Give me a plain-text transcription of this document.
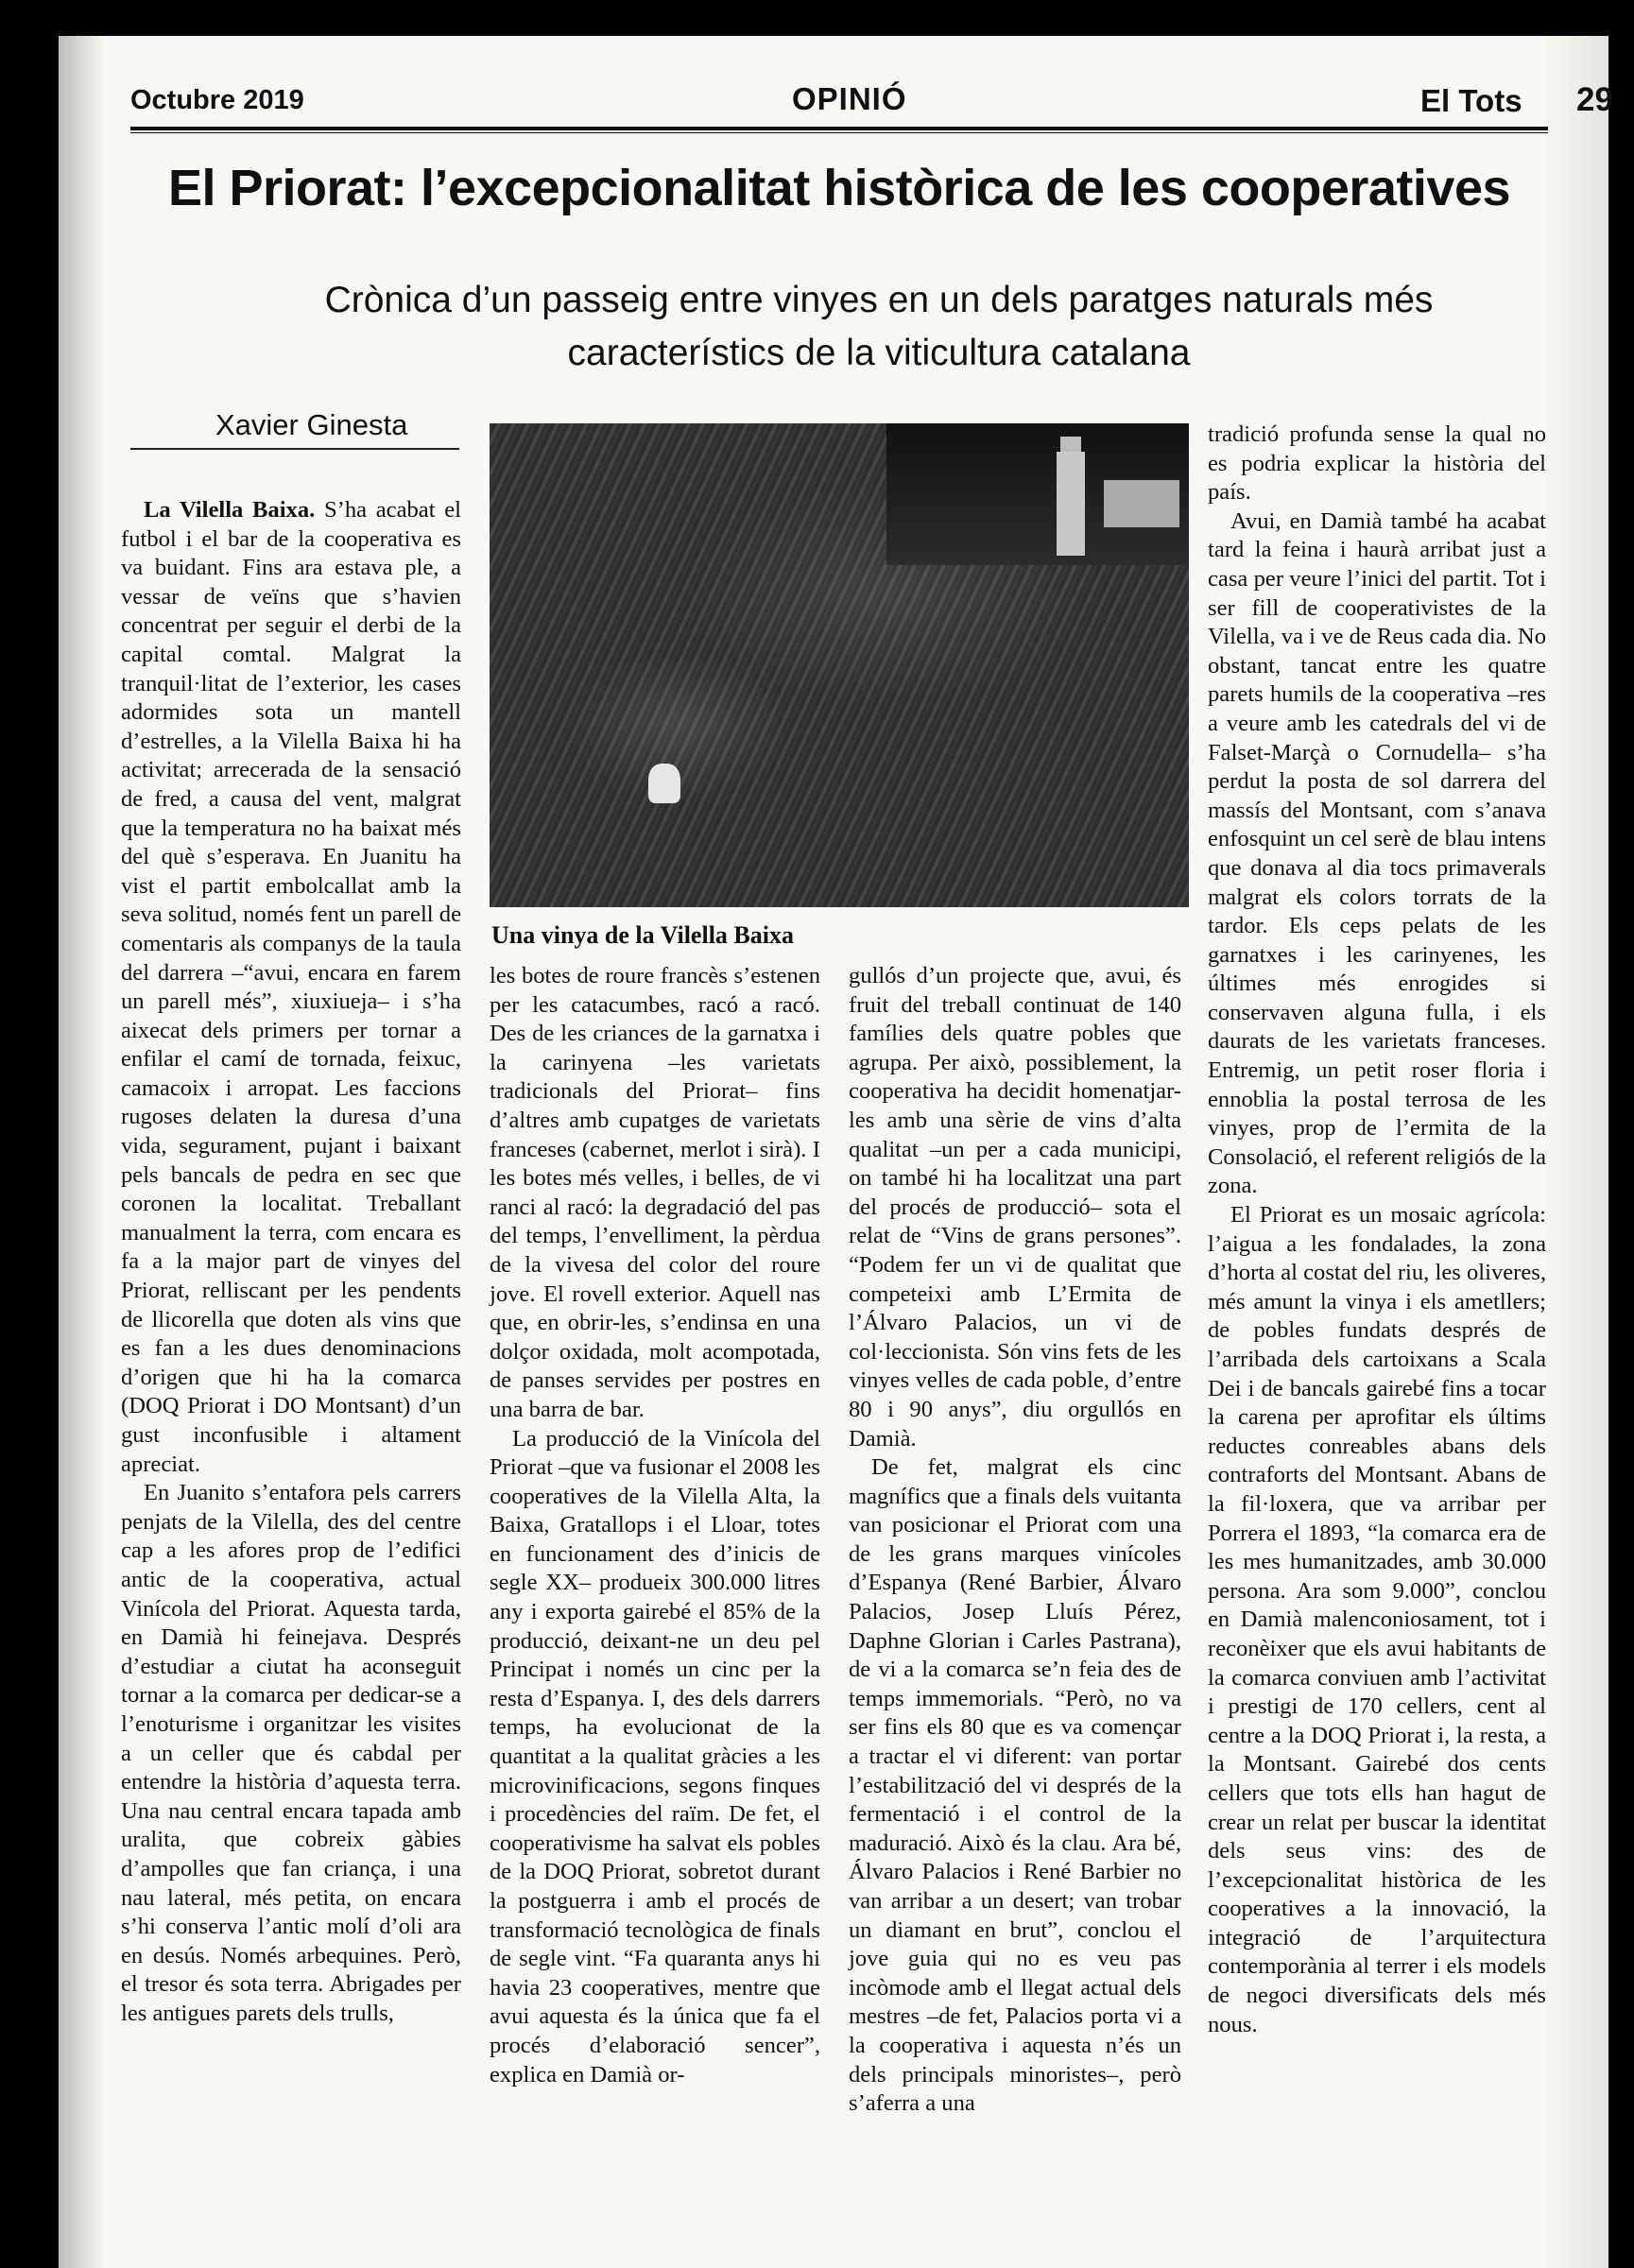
Octubre 2019	OPINIÓ	El Tots 29
El Priorat: l’excepcionalitat històrica de les cooperatives
Crònica d’un passeig entre vinyes en un dels paratges naturals més
característics de la viticultura catalana
Xavier Ginesta
Una vinya de la Vilella Baixa

La Vilella Baixa. S’ha acabat el futbol i el bar de la cooperativa es va buidant. Fins ara estava ple, a vessar de veïns que s’havien concentrat per seguir el derbi de la capital comtal. Malgrat la tranquil·litat de l’exterior, les cases adormides sota un mantell d’estrelles, a la Vilella Baixa hi ha activitat; arrecerada de la sensació de fred, a causa del vent, malgrat que la temperatura no ha baixat més del què s’esperava. En Juanitu ha vist el partit embolcallat amb la seva solitud, només fent un parell de comentaris als companys de la taula del darrera –“avui, encara en farem un parell més”, xiuxiueja– i s’ha aixecat dels primers per tornar a enfilar el camí de tornada, feixuc, camacoix i arropat. Les faccions rugoses delaten la duresa d’una vida, segurament, pujant i baixant pels bancals de pedra en sec que coronen la localitat. Treballant manualment la terra, com encara es fa a la major part de vinyes del Priorat, relliscant per les pendents de llicorella que doten als vins que es fan a les dues denominacions d’origen que hi ha la comarca (DOQ Priorat i DO Montsant) d’un gust inconfusible i altament apreciat.

En Juanito s’entafora pels carrers penjats de la Vilella, des del centre cap a les afores prop de l’edifici antic de la cooperativa, actual Vinícola del Priorat. Aquesta tarda, en Damià hi feinejava. Després d’estudiar a ciutat ha aconseguit tornar a la comarca per dedicar-se a l’enoturisme i organitzar les visites a un celler que és cabdal per entendre la història d’aquesta terra. Una nau central encara tapada amb uralita, que cobreix gàbies d’ampolles que fan criança, i una nau lateral, més petita, on encara s’hi conserva l’antic molí d’oli ara en desús. Només arbequines. Però, el tresor és sota terra. Abrigades per les antigues parets dels trulls,

les botes de roure francès s’estenen per les catacumbes, racó a racó. Des de les criances de la garnatxa i la carinyena –les varietats tradicionals del Priorat– fins d’altres amb cupatges de varietats franceses (cabernet, merlot i sirà). I les botes més velles, i belles, de vi ranci al racó: la degradació del pas del temps, l’envelliment, la pèrdua de la vivesa del color del roure jove. El rovell exterior. Aquell nas que, en obrir-les, s’endinsa en una dolçor oxidada, molt acompotada, de panses servides per postres en una barra de bar.

La producció de la Vinícola del Priorat –que va fusionar el 2008 les cooperatives de la Vilella Alta, la Baixa, Gratallops i el Lloar, totes en funcionament des d’inicis de segle XX– produeix 300.000 litres any i exporta gairebé el 85% de la producció, deixant-ne un deu pel Principat i només un cinc per la resta d’Espanya. I, des dels darrers temps, ha evolucionat de la quantitat a la qualitat gràcies a les microvinificacions, segons finques i procedències del raïm. De fet, el cooperativisme ha salvat els pobles de la DOQ Priorat, sobretot durant la postguerra i amb el procés de transformació tecnològica de finals de segle vint. “Fa quaranta anys hi havia 23 cooperatives, mentre que avui aquesta és la única que fa el procés d’elaboració sencer”, explica en Damià or-

gullós d’un projecte que, avui, és fruit del treball continuat de 140 famílies dels quatre pobles que agrupa. Per això, possiblement, la cooperativa ha decidit homenatjar-les amb una sèrie de vins d’alta qualitat –un per a cada municipi, on també hi ha localitzat una part del procés de producció– sota el relat de “Vins de grans persones”. “Podem fer un vi de qualitat que competeixi amb L’Ermita de l’Álvaro Palacios, un vi de col·leccionista. Són vins fets de les vinyes velles de cada poble, d’entre 80 i 90 anys”, diu orgullós en Damià.

De fet, malgrat els cinc magnífics que a finals dels vuitanta van posicionar el Priorat com una de les grans marques vinícoles d’Espanya (René Barbier, Álvaro Palacios, Josep Lluís Pérez, Daphne Glorian i Carles Pastrana), de vi a la comarca se’n feia des de temps immemorials. “Però, no va ser fins els 80 que es va començar a tractar el vi diferent: van portar l’estabilització del vi després de la fermentació i el control de la maduració. Això és la clau. Ara bé, Álvaro Palacios i René Barbier no van arribar a un desert; van trobar un diamant en brut”, conclou el jove guia qui no es veu pas incòmode amb el llegat actual dels mestres –de fet, Palacios porta vi a la cooperativa i aquesta n’és un dels principals minoristes–, però s’aferra a una

tradició profunda sense la qual no es podria explicar la història del país.

Avui, en Damià també ha acabat tard la feina i haurà arribat just a casa per veure l’inici del partit. Tot i ser fill de cooperativistes de la Vilella, va i ve de Reus cada dia. No obstant, tancat entre les quatre parets humils de la cooperativa –res a veure amb les catedrals del vi de Falset-Marçà o Cornudella– s’ha perdut la posta de sol darrera del massís del Montsant, com s’anava enfosquint un cel serè de blau intens que donava al dia tocs primaverals malgrat els colors torrats de la tardor. Els ceps pelats de les garnatxes i les carinyenes, les últimes més enrogides si conservaven alguna fulla, i els daurats de les varietats franceses. Entremig, un petit roser floria i ennoblia la postal terrosa de les vinyes, prop de l’ermita de la Consolació, el referent religiós de la zona.

El Priorat es un mosaic agrícola: l’aigua a les fondalades, la zona d’horta al costat del riu, les oliveres, més amunt la vinya i els ametllers; de pobles fundats després de l’arribada dels cartoixans a Scala Dei i de bancals gairebé fins a tocar la carena per aprofitar els últims reductes conreables abans dels contraforts del Montsant. Abans de la fil·loxera, que va arribar per Porrera el 1893, “la comarca era de les mes humanitzades, amb 30.000 persona. Ara som 9.000”, conclou en Damià malenconiosament, tot i reconèixer que els avui habitants de la comarca conviuen amb l’activitat i prestigi de 170 cellers, cent al centre a la DOQ Priorat i, la resta, a la Montsant. Gairebé dos cents cellers que tots ells han hagut de crear un relat per buscar la identitat dels seus vins: des de l’excepcionalitat històrica de les cooperatives a la innovació, la integració de l’arquitectura contemporània al terrer i els models de negoci diversificats dels més nous.
